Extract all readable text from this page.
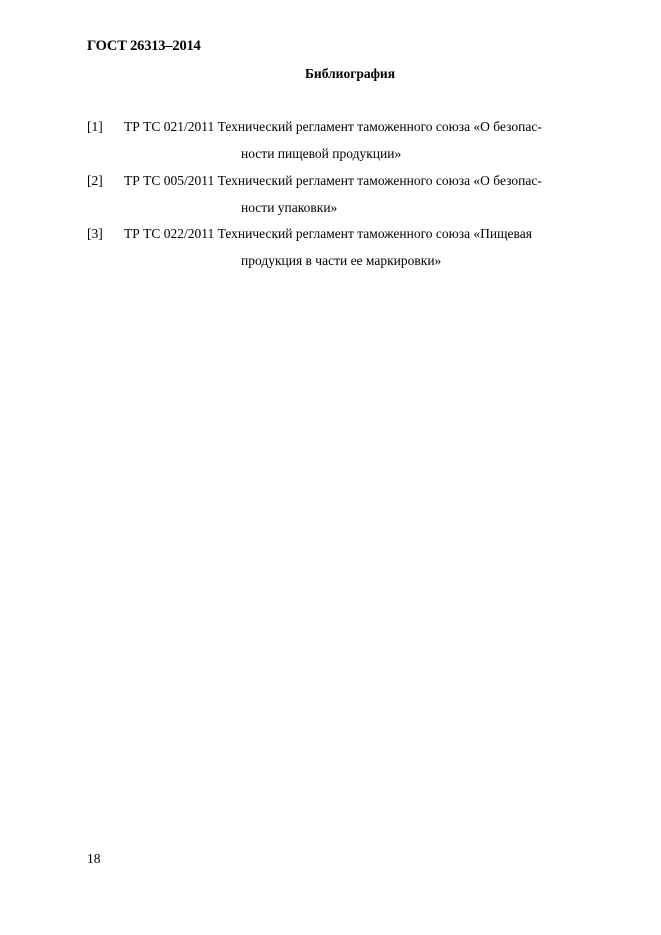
ГОСТ 26313–2014
Библиография
[1] ТР ТС 021/2011 Технический регламент таможенного союза «О безопас-
ности пищевой продукции»
[2] ТР ТС 005/2011 Технический регламент таможенного союза «О безопас-
ности упаковки»
[3] ТР ТС 022/2011 Технический регламент таможенного союза «Пищевая
продукция в части ее маркировки»
18
